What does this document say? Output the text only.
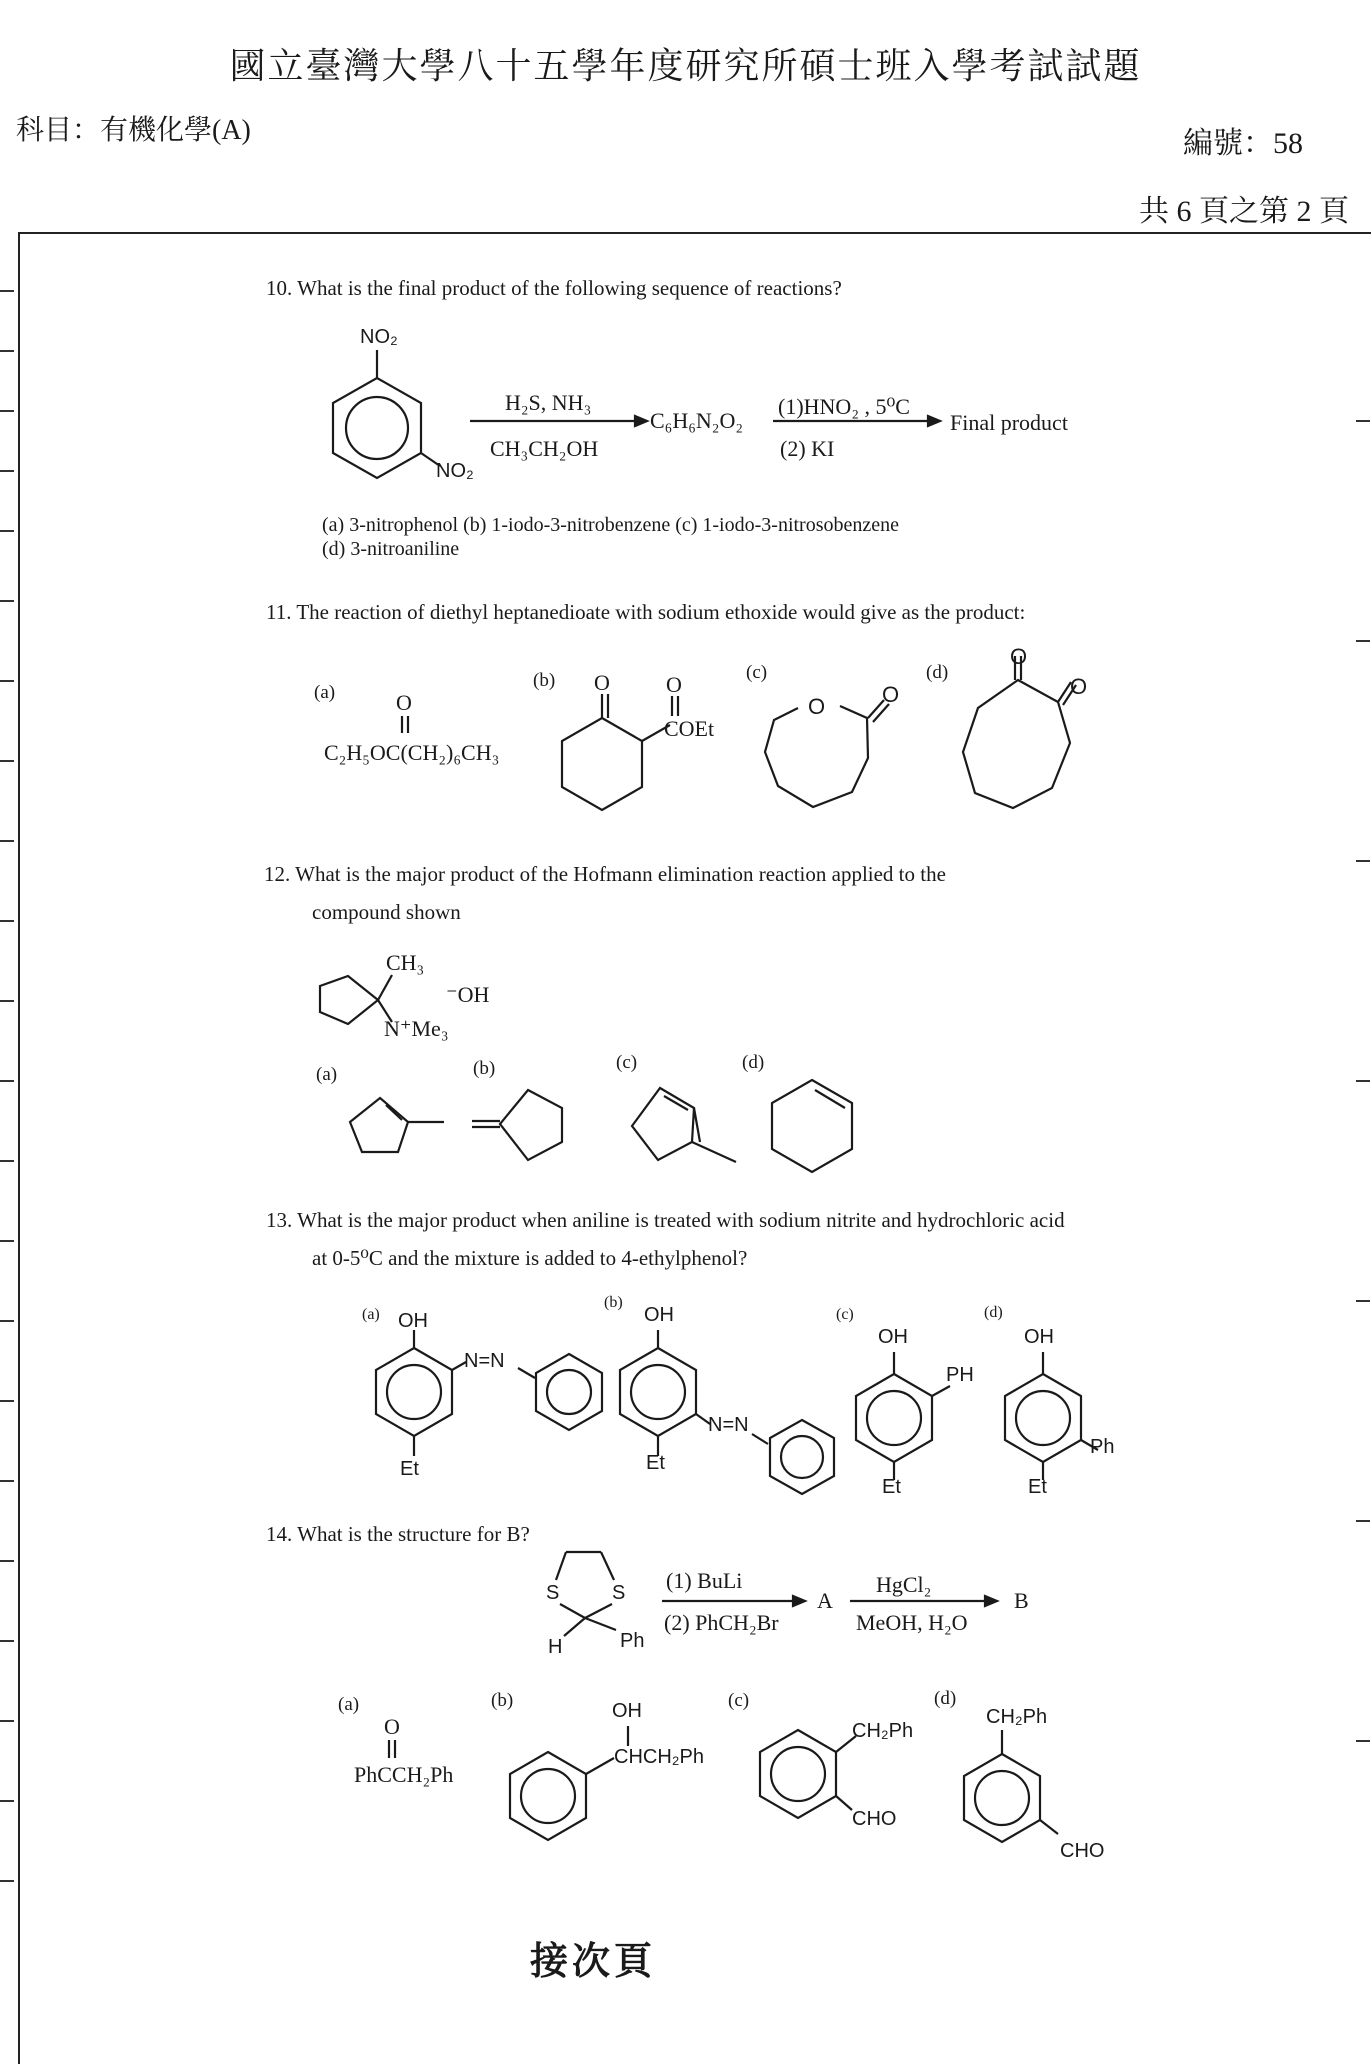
國立臺灣大學八十五學年度研究所碩士班入學考試試題
科目：有機化學(A)	編號：58
共 6 頁之第 2 頁
10. What is the final product of the following sequence of reactions?
NO₂
NO₂
H₂S, NH₃
CH₃CH₂OH
C₆H₆N₂O₂
(1)HNO₂ , 5⁰C
(2) KI
Final product
(a) 3-nitrophenol (b) 1-iodo-3-nitrobenzene (c) 1-iodo-3-nitrosobenzene
(d) 3-nitroaniline
11. The reaction of diethyl heptanedioate with sodium ethoxide would give as the product:
(a)
(b)	(c)	(d)
O
C₂H₅OC(CH₂)₆CH₃
O	O
COEt
O	O
O
O
12. What is the major product of the Hofmann elimination reaction applied to the
compound shown
CH₃
⁻OH
N⁺Me₃
(a)	(b)	(c)	(d)
13. What is the major product when aniline is treated with sodium nitrite and hydrochloric acid
at 0-5⁰C and the mixture is added to 4-ethylphenol?
(a) OH
N=N
Et
(b)
OH
N=N
Et
(c)
OH
PH
Et
(d)
OH
Ph
Et
14. What is the structure for B?
S	S
H	Ph
(1) BuLi
(2) PhCH₂Br
A
HgCl₂
MeOH, H₂O
B
(a)
O
PhCCH₂Ph
(b)	OH
CHCH₂Ph
(c)
CH₂Ph
CHO
(d)
CH₂Ph
CHO
接次頁
